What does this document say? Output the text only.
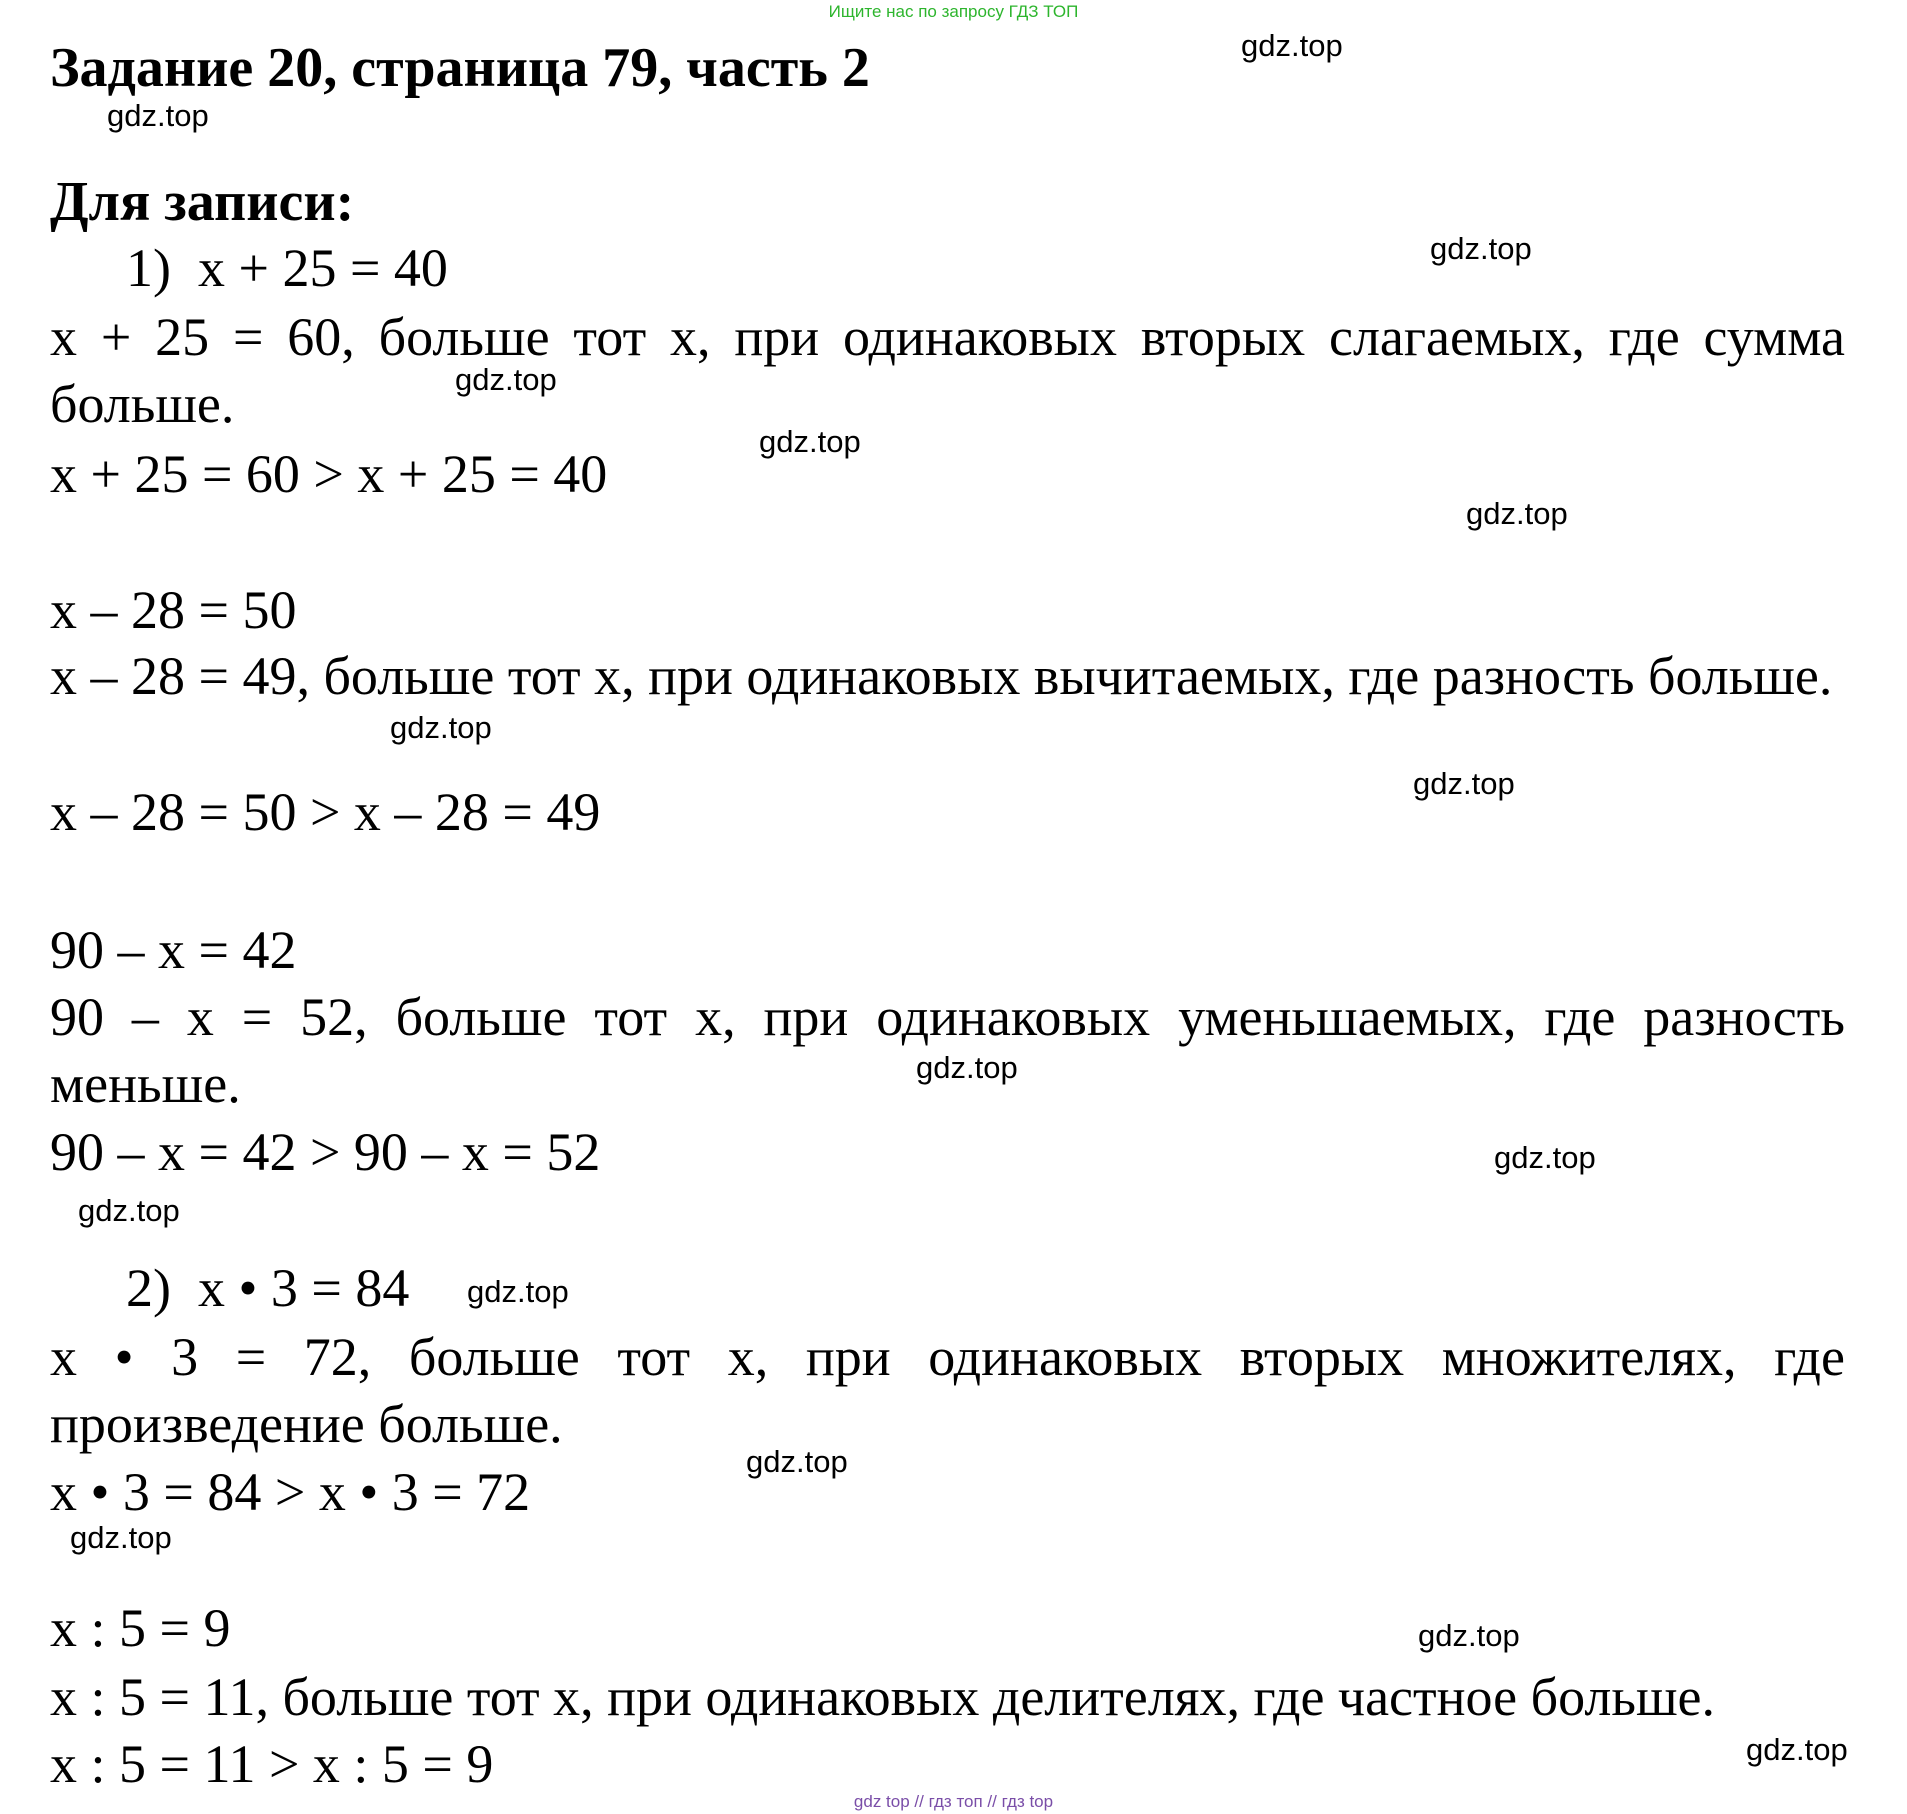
Ищите нас по запросу ГДЗ ТОП
Задание 20, страница 79, часть 2
Для записи:
1) x + 25 = 40
x + 25 = 60, больше тот x, при одинаковых вторых слагаемых, где сумма больше.
x + 25 = 60 > x + 25 = 40
x – 28 = 50
x – 28 = 49, больше тот x, при одинаковых вычитаемых, где разность больше.
x – 28 = 50 > x – 28 = 49
90 – x = 42
90 – x = 52, больше тот x, при одинаковых уменьшаемых, где разность меньше.
90 – x = 42 > 90 – x = 52
2) x • 3 = 84
x • 3 = 72, больше тот x, при одинаковых вторых множителях, где произведение больше.
x • 3 = 84 > x • 3 = 72
x : 5 = 9
x : 5 = 11, больше тот x, при одинаковых делителях, где частное больше.
x : 5 = 11 > x : 5 = 9
gdz.top
gdz.top
gdz.top
gdz.top
gdz.top
gdz.top
gdz.top
gdz.top
gdz.top
gdz.top
gdz.top
gdz.top
gdz.top
gdz.top
gdz.top
gdz.top
gdz top // гдз топ // гдз top
